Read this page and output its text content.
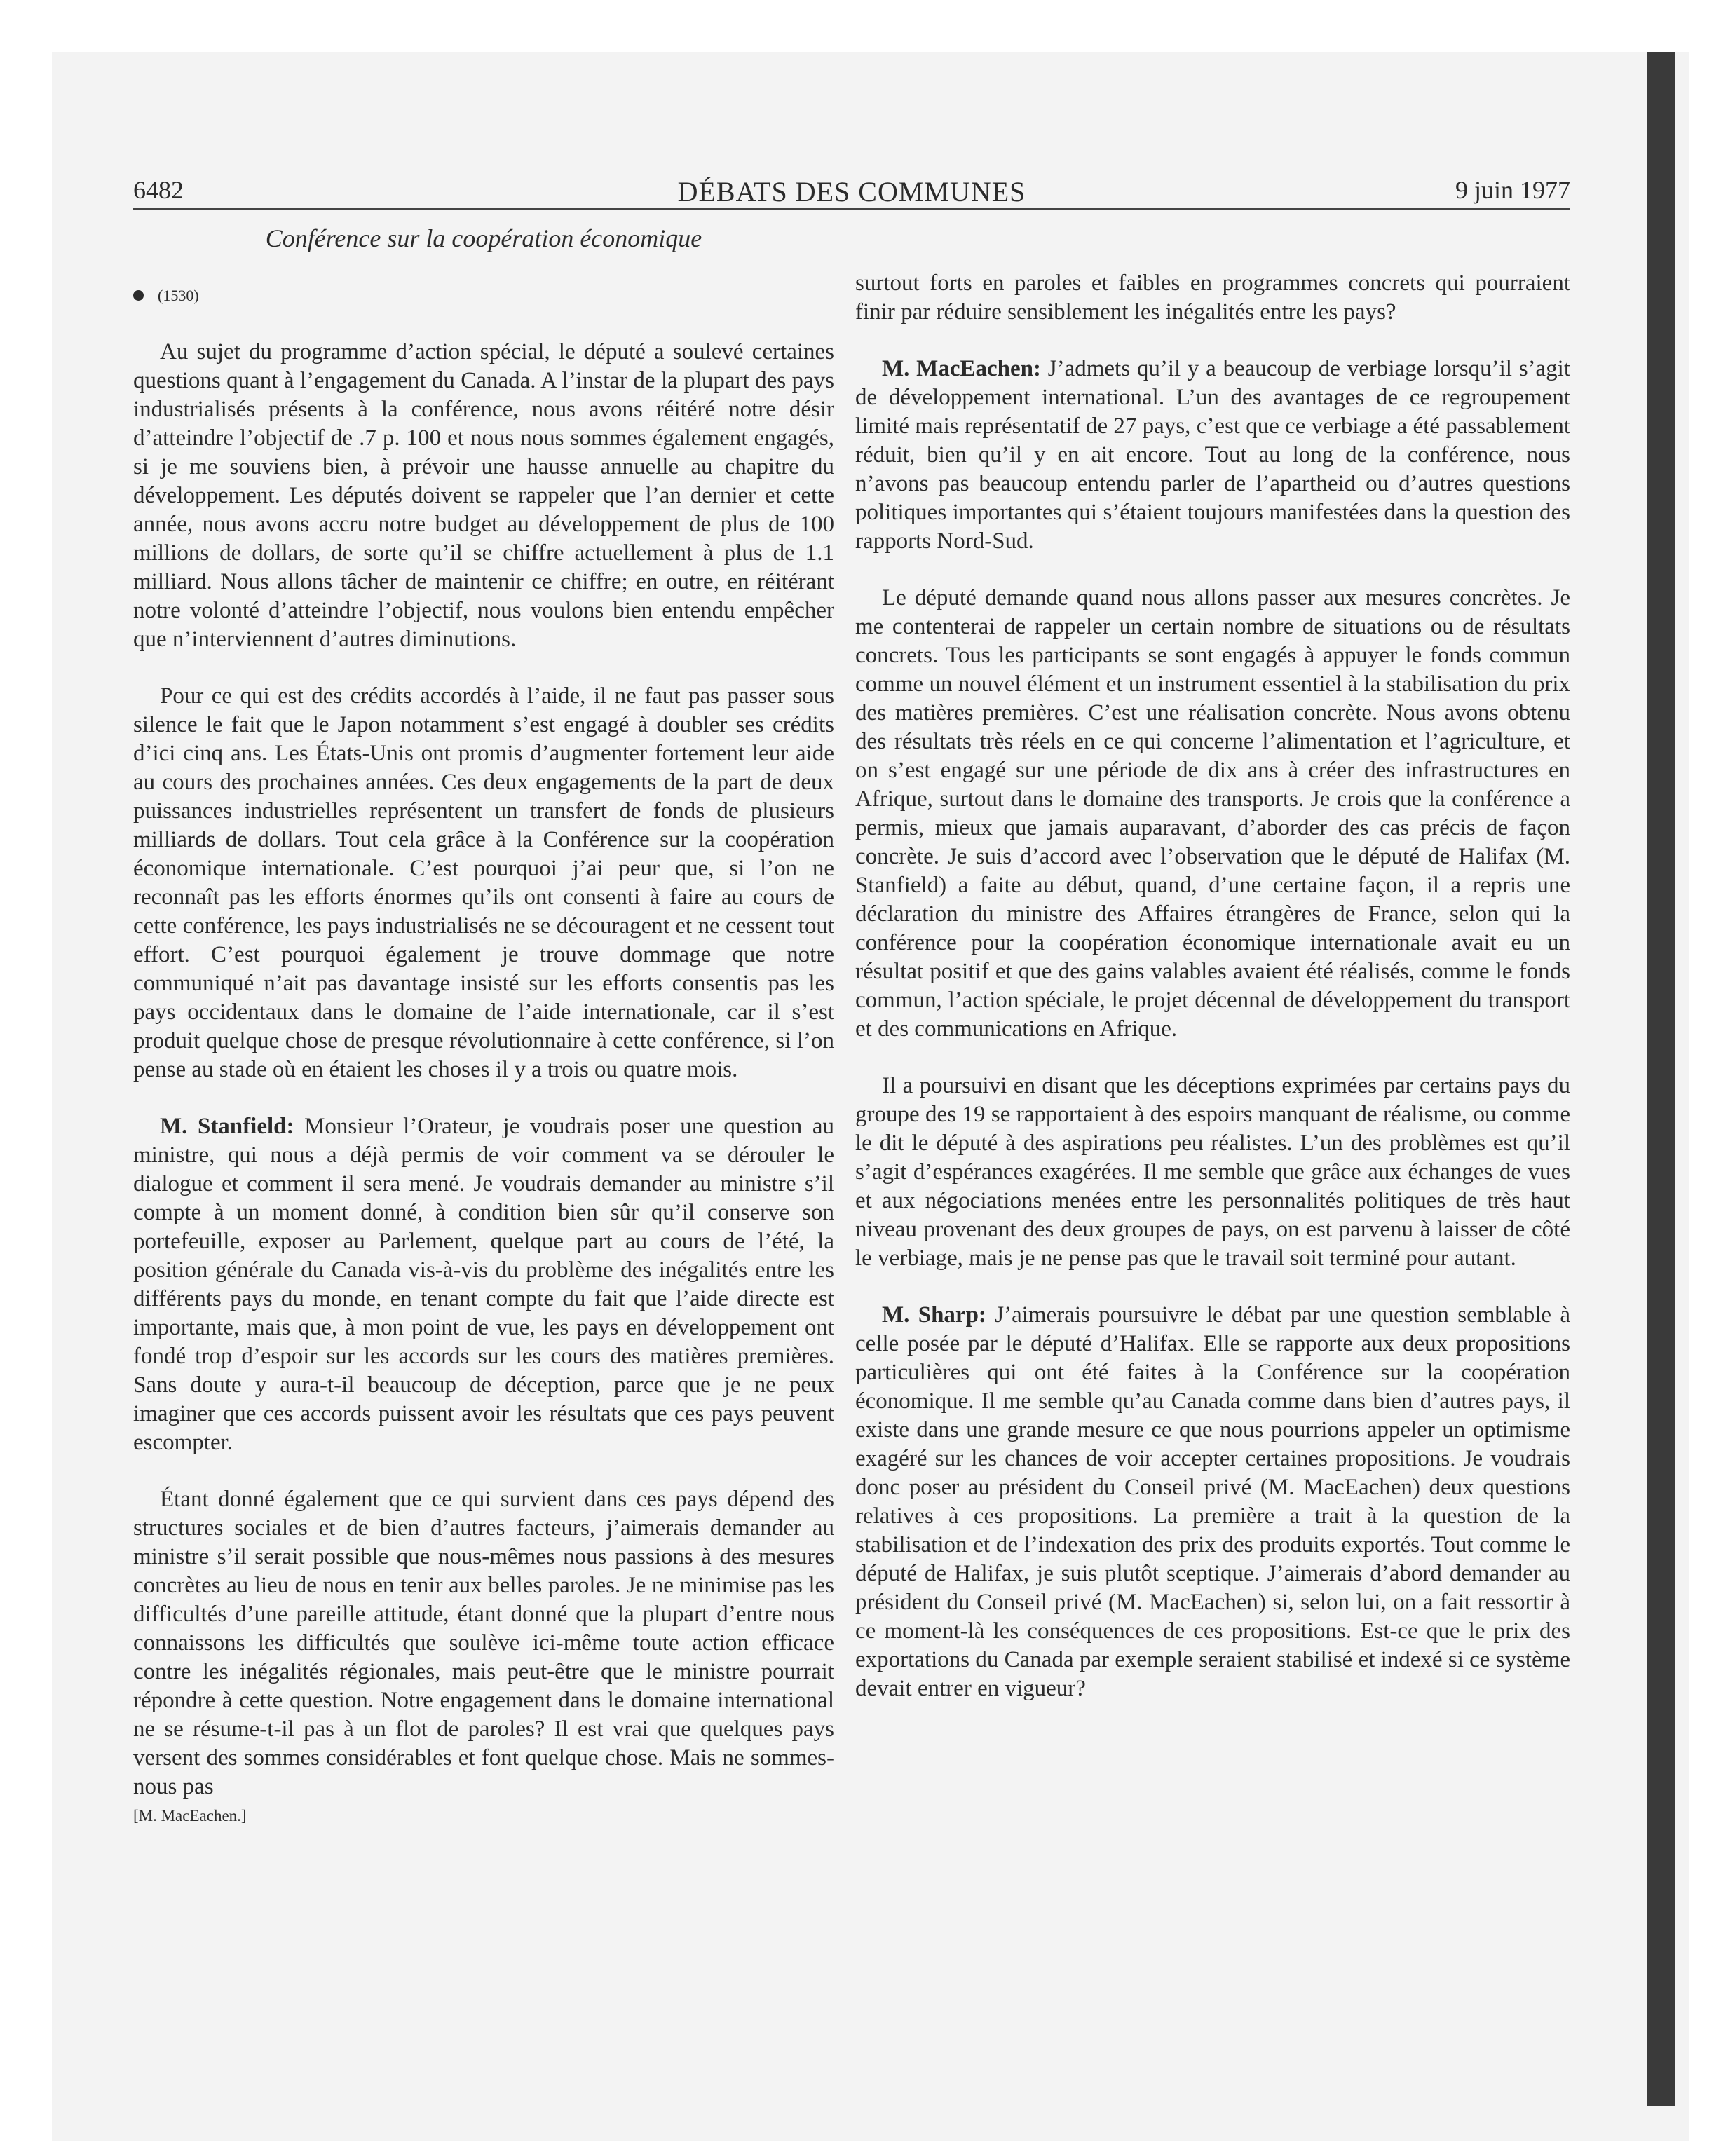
6482	DÉBATS DES COMMUNES	9 juin 1977

Conférence sur la coopération économique

(1530)

Au sujet du programme d’action spécial, le député a soulevé certaines questions quant à l’engagement du Canada. A l’instar de la plupart des pays industrialisés présents à la conférence, nous avons réitéré notre désir d’atteindre l’objectif de .7 p. 100 et nous nous sommes également engagés, si je me souviens bien, à prévoir une hausse annuelle au chapitre du développement. Les députés doivent se rappeler que l’an dernier et cette année, nous avons accru notre budget au développement de plus de 100 millions de dollars, de sorte qu’il se chiffre actuellement à plus de 1.1 milliard. Nous allons tâcher de maintenir ce chiffre; en outre, en réitérant notre volonté d’atteindre l’objectif, nous voulons bien entendu empêcher que n’interviennent d’autres diminutions.

Pour ce qui est des crédits accordés à l’aide, il ne faut pas passer sous silence le fait que le Japon notamment s’est engagé à doubler ses crédits d’ici cinq ans. Les États-Unis ont promis d’augmenter fortement leur aide au cours des prochaines années. Ces deux engagements de la part de deux puissances industrielles représentent un transfert de fonds de plusieurs milliards de dollars. Tout cela grâce à la Conférence sur la coopération économique internationale. C’est pourquoi j’ai peur que, si l’on ne reconnaît pas les efforts énormes qu’ils ont consenti à faire au cours de cette conférence, les pays industrialisés ne se découragent et ne cessent tout effort. C’est pourquoi également je trouve dommage que notre communiqué n’ait pas davantage insisté sur les efforts consentis pas les pays occidentaux dans le domaine de l’aide internationale, car il s’est produit quelque chose de presque révolutionnaire à cette conférence, si l’on pense au stade où en étaient les choses il y a trois ou quatre mois.

M. Stanfield: Monsieur l’Orateur, je voudrais poser une question au ministre, qui nous a déjà permis de voir comment va se dérouler le dialogue et comment il sera mené. Je voudrais demander au ministre s’il compte à un moment donné, à condition bien sûr qu’il conserve son portefeuille, exposer au Parlement, quelque part au cours de l’été, la position générale du Canada vis-à-vis du problème des inégalités entre les différents pays du monde, en tenant compte du fait que l’aide directe est importante, mais que, à mon point de vue, les pays en développement ont fondé trop d’espoir sur les accords sur les cours des matières premières. Sans doute y aura-t-il beaucoup de déception, parce que je ne peux imaginer que ces accords puissent avoir les résultats que ces pays peuvent escompter.

Étant donné également que ce qui survient dans ces pays dépend des structures sociales et de bien d’autres facteurs, j’aimerais demander au ministre s’il serait possible que nous-mêmes nous passions à des mesures concrètes au lieu de nous en tenir aux belles paroles. Je ne minimise pas les difficultés d’une pareille attitude, étant donné que la plupart d’entre nous connaissons les difficultés que soulève ici-même toute action efficace contre les inégalités régionales, mais peut-être que le ministre pourrait répondre à cette question. Notre engagement dans le domaine international ne se résume-t-il pas à un flot de paroles? Il est vrai que quelques pays versent des sommes considérables et font quelque chose. Mais ne sommes-nous pas

[M. MacEachen.]

surtout forts en paroles et faibles en programmes concrets qui pourraient finir par réduire sensiblement les inégalités entre les pays?

M. MacEachen: J’admets qu’il y a beaucoup de verbiage lorsqu’il s’agit de développement international. L’un des avantages de ce regroupement limité mais représentatif de 27 pays, c’est que ce verbiage a été passablement réduit, bien qu’il y en ait encore. Tout au long de la conférence, nous n’avons pas beaucoup entendu parler de l’apartheid ou d’autres questions politiques importantes qui s’étaient toujours manifestées dans la question des rapports Nord-Sud.

Le député demande quand nous allons passer aux mesures concrètes. Je me contenterai de rappeler un certain nombre de situations ou de résultats concrets. Tous les participants se sont engagés à appuyer le fonds commun comme un nouvel élément et un instrument essentiel à la stabilisation du prix des matières premières. C’est une réalisation concrète. Nous avons obtenu des résultats très réels en ce qui concerne l’alimentation et l’agriculture, et on s’est engagé sur une période de dix ans à créer des infrastructures en Afrique, surtout dans le domaine des transports. Je crois que la conférence a permis, mieux que jamais auparavant, d’aborder des cas précis de façon concrète. Je suis d’accord avec l’observation que le député de Halifax (M. Stanfield) a faite au début, quand, d’une certaine façon, il a repris une déclaration du ministre des Affaires étrangères de France, selon qui la conférence pour la coopération économique internationale avait eu un résultat positif et que des gains valables avaient été réalisés, comme le fonds commun, l’action spéciale, le projet décennal de développement du transport et des communications en Afrique.

Il a poursuivi en disant que les déceptions exprimées par certains pays du groupe des 19 se rapportaient à des espoirs manquant de réalisme, ou comme le dit le député à des aspirations peu réalistes. L’un des problèmes est qu’il s’agit d’espérances exagérées. Il me semble que grâce aux échanges de vues et aux négociations menées entre les personnalités politiques de très haut niveau provenant des deux groupes de pays, on est parvenu à laisser de côté le verbiage, mais je ne pense pas que le travail soit terminé pour autant.

M. Sharp: J’aimerais poursuivre le débat par une question semblable à celle posée par le député d’Halifax. Elle se rapporte aux deux propositions particulières qui ont été faites à la Conférence sur la coopération économique. Il me semble qu’au Canada comme dans bien d’autres pays, il existe dans une grande mesure ce que nous pourrions appeler un optimisme exagéré sur les chances de voir accepter certaines propositions. Je voudrais donc poser au président du Conseil privé (M. MacEachen) deux questions relatives à ces propositions. La première a trait à la question de la stabilisation et de l’indexation des prix des produits exportés. Tout comme le député de Halifax, je suis plutôt sceptique. J’aimerais d’abord demander au président du Conseil privé (M. MacEachen) si, selon lui, on a fait ressortir à ce moment-là les conséquences de ces propositions. Est-ce que le prix des exportations du Canada par exemple seraient stabilisé et indexé si ce système devait entrer en vigueur?
